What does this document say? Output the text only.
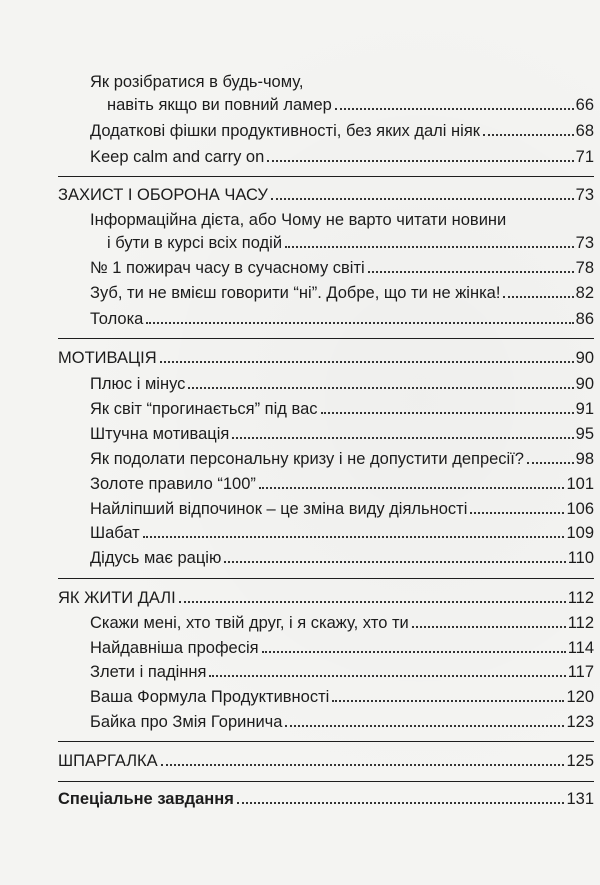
Як розібратися в будь-чому,
навіть якщо ви повний ламер	66
Додаткові фішки продуктивності, без яких далі ніяк	68
Keep calm and carry on	71
ЗАХИСТ І ОБОРОНА ЧАСУ	73
Інформаційна дієта, або Чому не варто читати новини
і бути в курсі всіх подій	73
№ 1 пожирач часу в сучасному світі	78
Зуб, ти не вмієш говорити “ні”. Добре, що ти не жінка!	82
Толока	86
МОТИВАЦІЯ	90
Плюс і мінус	90
Як світ “прогинається” під вас	91
Штучна мотивація	95
Як подолати персональну кризу і не допустити депресії?	98
Золоте правило “100”	101
Найліпший відпочинок – це зміна виду діяльності	106
Шабат	109
Дідусь має рацію	110
ЯК ЖИТИ ДАЛІ	112
Скажи мені, хто твій друг, і я скажу, хто ти	112
Найдавніша професія	114
Злети і падіння	117
Ваша Формула Продуктивності	120
Байка про Змія Горинича	123
ШПАРГАЛКА	125
Спеціальне завдання	131
